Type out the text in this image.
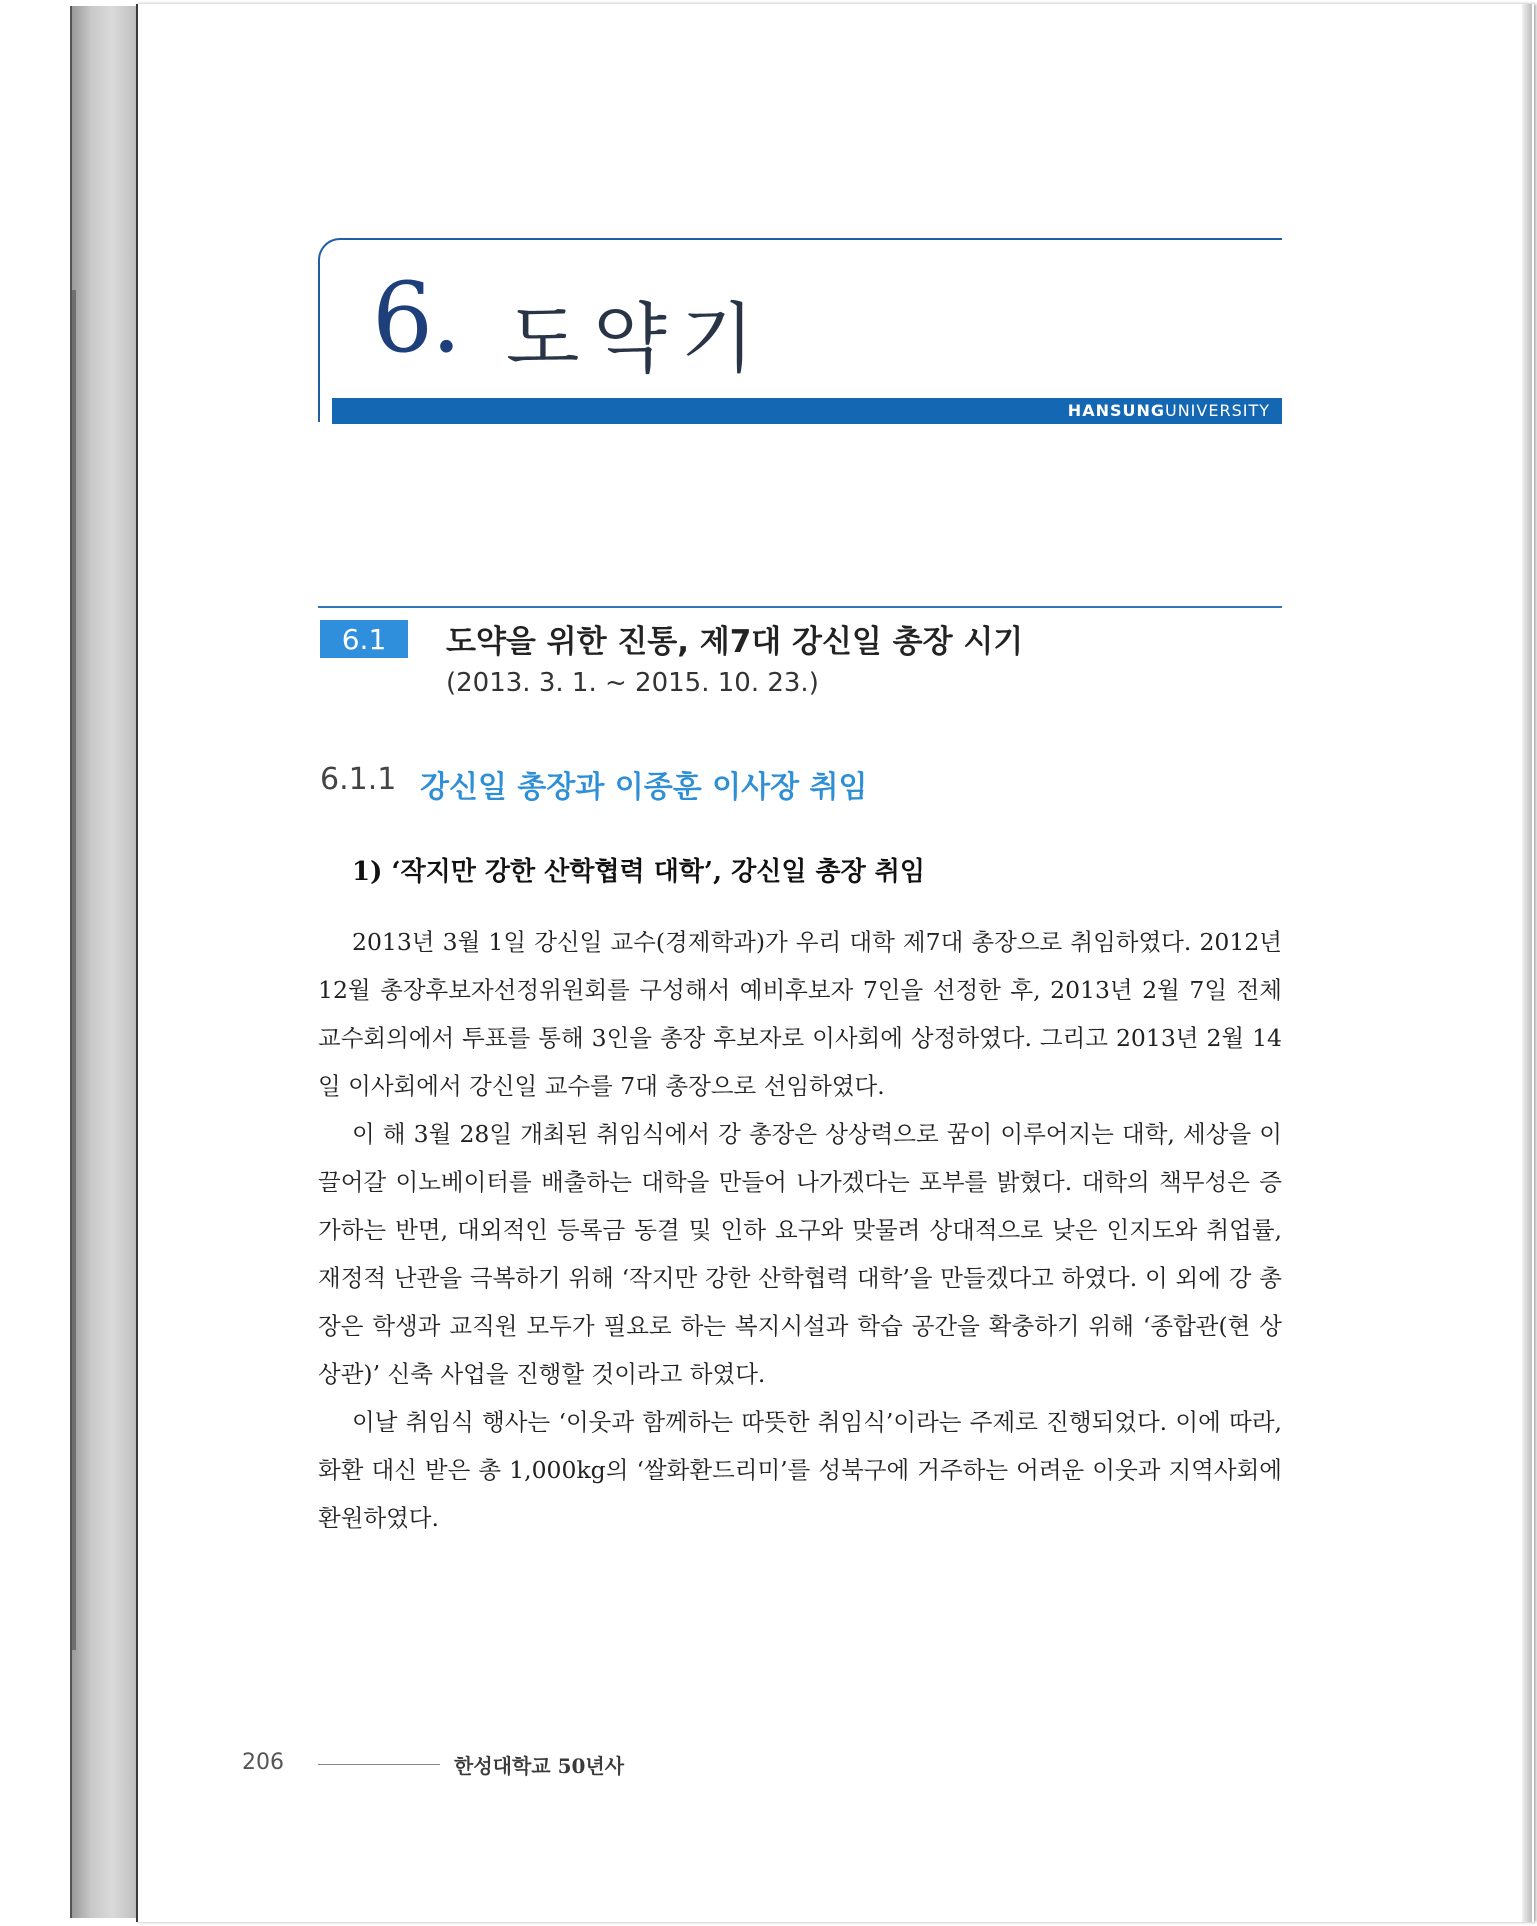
6. 도약기
HANSUNGUNIVERSITY
6.1	도약을 위한 진통, 제7대 강신일 총장 시기
(2013. 3. 1. ~ 2015. 10. 23.)
6.1.1 강신일 총장과 이종훈 이사장 취임
1) ‘작지만 강한 산학협력 대학’, 강신일 총장 취임

2013년 3월 1일 강신일 교수(경제학과)가 우리 대학 제7대 총장으로 취임하였다. 2012년 12월 총장후보자선정위원회를 구성해서 예비후보자 7인을 선정한 후, 2013년 2월 7일 전체교수회의에서 투표를 통해 3인을 총장 후보자로 이사회에 상정하였다. 그리고 2013년 2월 14일 이사회에서 강신일 교수를 7대 총장으로 선임하였다.

이 해 3월 28일 개최된 취임식에서 강 총장은 상상력으로 꿈이 이루어지는 대학, 세상을 이끌어갈 이노베이터를 배출하는 대학을 만들어 나가겠다는 포부를 밝혔다. 대학의 책무성은 증가하는 반면, 대외적인 등록금 동결 및 인하 요구와 맞물려 상대적으로 낮은 인지도와 취업률, 재정적 난관을 극복하기 위해 ‘작지만 강한 산학협력 대학’을 만들겠다고 하였다. 이 외에 강 총장은 학생과 교직원 모두가 필요로 하는 복지시설과 학습 공간을 확충하기 위해 ‘종합관(현 상상관)’ 신축 사업을 진행할 것이라고 하였다.

이날 취임식 행사는 ‘이웃과 함께하는 따뜻한 취임식’이라는 주제로 진행되었다. 이에 따라, 화환 대신 받은 총 1,000kg의 ‘쌀화환드리미’를 성북구에 거주하는 어려운 이웃과 지역사회에 환원하였다.

206	한성대학교 50년사
